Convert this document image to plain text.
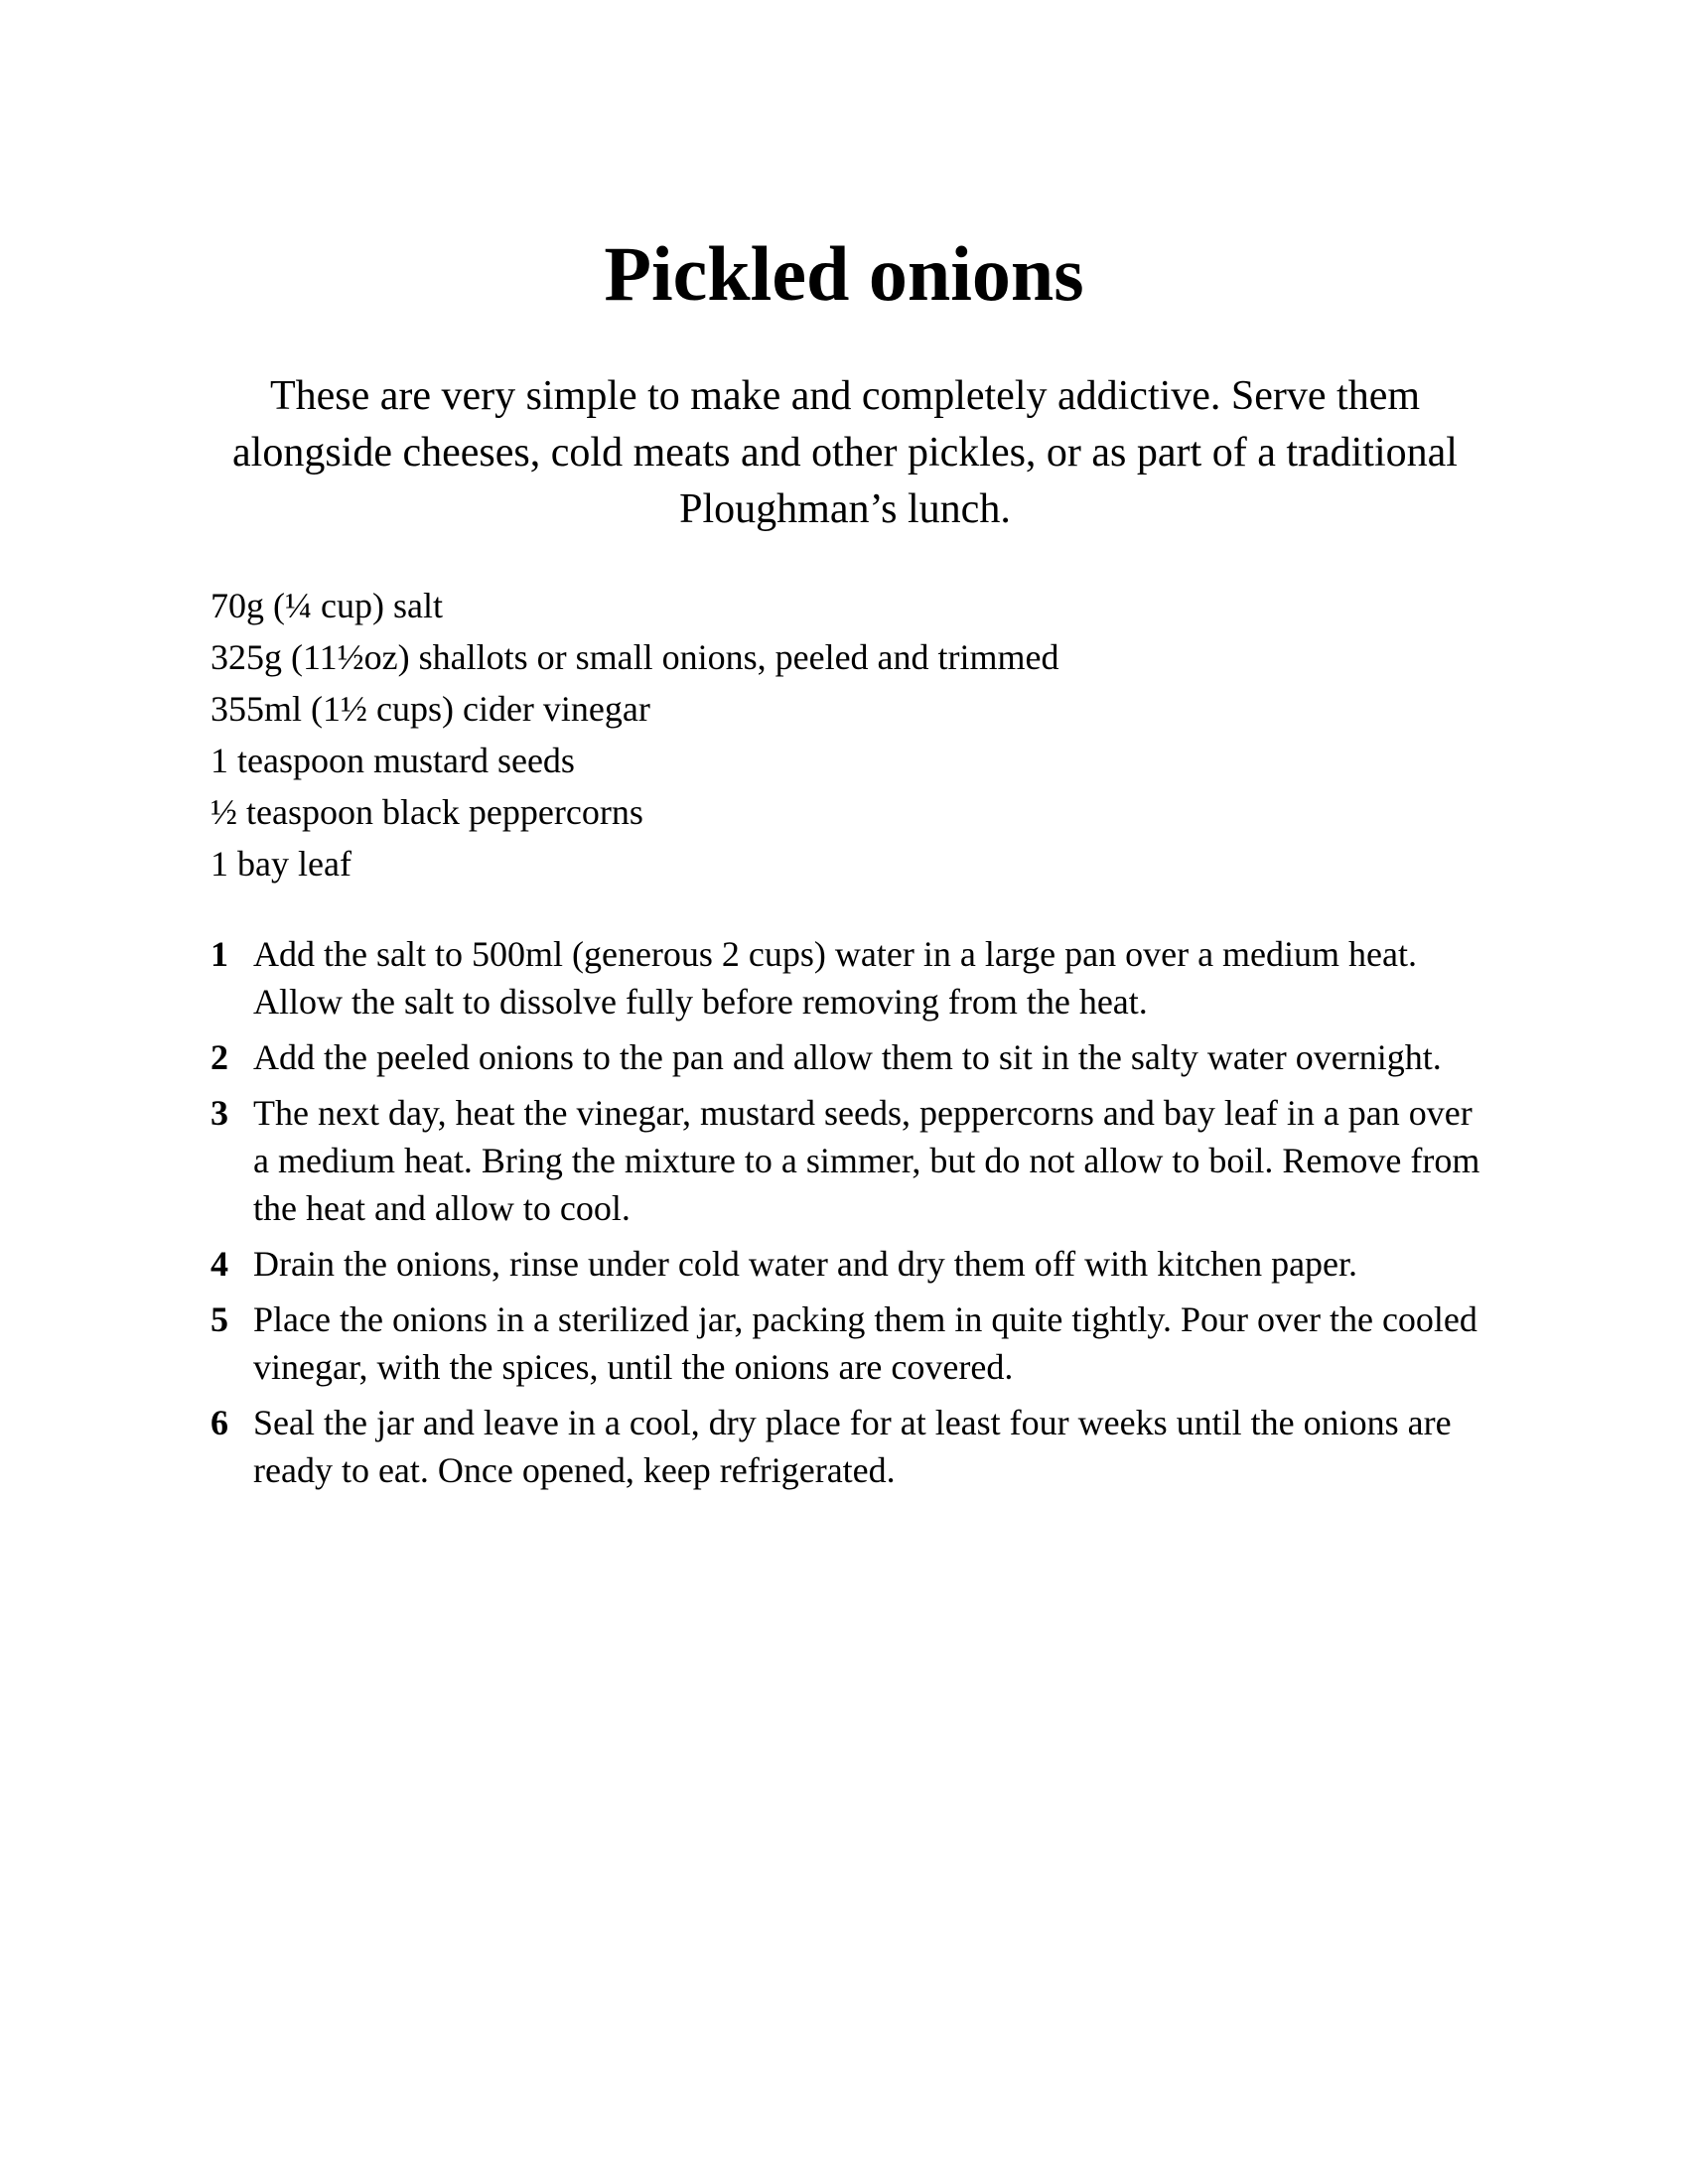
Pickled onions

These are very simple to make and completely addictive. Serve them alongside cheeses, cold meats and other pickles, or as part of a traditional Ploughman’s lunch.

70g (¼ cup) salt
325g (11½oz) shallots or small onions, peeled and trimmed
355ml (1½ cups) cider vinegar
1 teaspoon mustard seeds
½ teaspoon black peppercorns
1 bay leaf
1 Add the salt to 500ml (generous 2 cups) water in a large pan over a medium heat. Allow the salt to dissolve fully before removing from the heat.
2 Add the peeled onions to the pan and allow them to sit in the salty water overnight.
3 The next day, heat the vinegar, mustard seeds, peppercorns and bay leaf in a pan over a medium heat. Bring the mixture to a simmer, but do not allow to boil. Remove from the heat and allow to cool.
4 Drain the onions, rinse under cold water and dry them off with kitchen paper.
5 Place the onions in a sterilized jar, packing them in quite tightly. Pour over the cooled vinegar, with the spices, until the onions are covered.
6 Seal the jar and leave in a cool, dry place for at least four weeks until the onions are ready to eat. Once opened, keep refrigerated.
